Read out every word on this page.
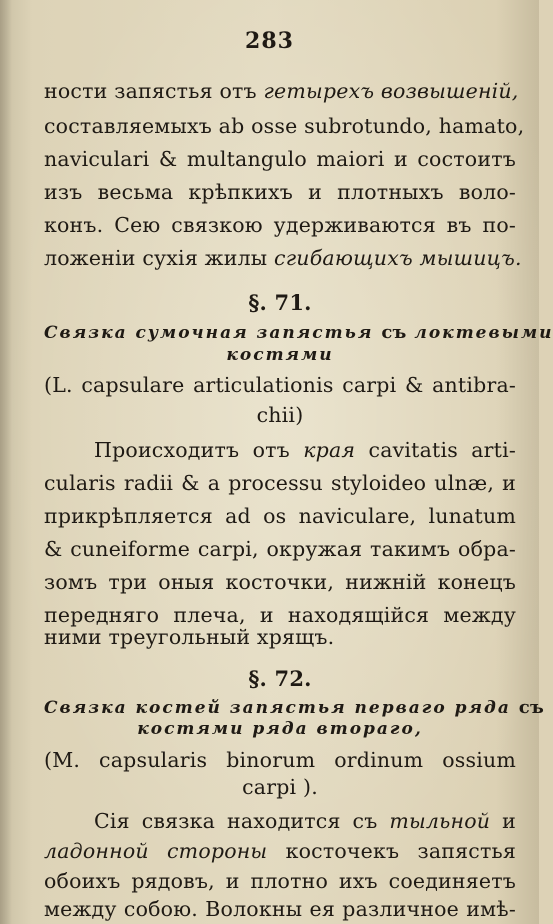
283
ности запястья отъ гетырехъ возвышеній,
составляемыхъ ab osse subrotundo, hamato,
naviculari & multangulo maiori и состоитъ
изъ весьма крѣпкихъ и плотныхъ воло-
конъ. Сею связкою удерживаются въ по-
ложеніи сухія жилы сгибающихъ мышицъ.
§. 71.
Связка сумочная запястья съ локтевыми
костями
(L. capsulare articulationis carpi & antibra-
chii)
Происходитъ отъ края cavitatis arti-
cularis radii & a processu styloideo ulnæ, и
прикрѣпляется ad os naviculare, lunatum
& cuneiforme carpi, окружая такимъ обра-
зомъ три оныя косточки, нижній конецъ
передняго плеча, и находящійся между
ними треугольный хрящъ.
§. 72.
Связка костей запястья перваго ряда съ
костями ряда втораго,
(M. capsularis binorum ordinum ossium
carpi ).
Сія связка находится съ тыльной и
ладонной стороны косточекъ запястья
обоихъ рядовъ, и плотно ихъ соединяетъ
между собою. Волокны ея различное имѣ-
